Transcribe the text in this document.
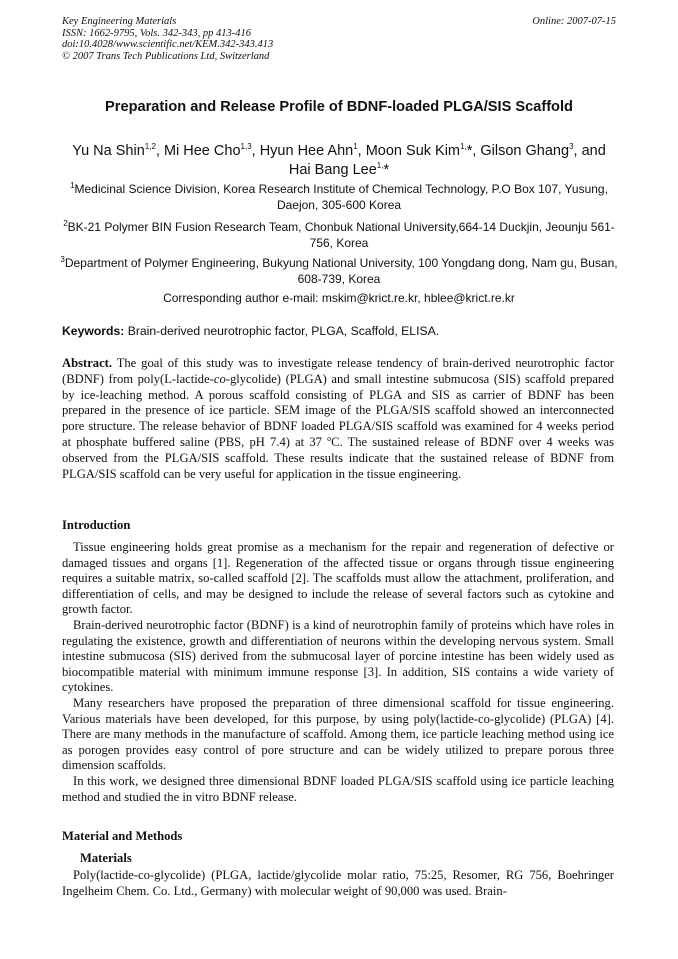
Key Engineering Materials
ISSN: 1662-9795, Vols. 342-343, pp 413-416
doi:10.4028/www.scientific.net/KEM.342-343.413
© 2007 Trans Tech Publications Ltd, Switzerland
Online: 2007-07-15
Preparation and Release Profile of BDNF-loaded PLGA/SIS Scaffold
Yu Na Shin$^{1,2}$, Mi Hee Cho$^{1,3}$, Hyun Hee Ahn$^1$, Moon Suk Kim$^{1,}$*, Gilson Ghang$^3$, and Hai Bang Lee$^{1,}$*
$^1$Medicinal Science Division, Korea Research Institute of Chemical Technology, P.O Box 107, Yusung, Daejon, 305-600 Korea
$^2$BK-21 Polymer BIN Fusion Research Team, Chonbuk National University,664-14 Duckjin, Jeounju 561-756, Korea
$^3$Department of Polymer Engineering, Bukyung National University, 100 Yongdang dong, Nam gu, Busan, 608-739, Korea
Corresponding author e-mail: mskim@krict.re.kr, hblee@krict.re.kr
Keywords: Brain-derived neurotrophic factor, PLGA, Scaffold, ELISA.
Abstract. The goal of this study was to investigate release tendency of brain-derived neurotrophic factor (BDNF) from poly(L-lactide-co-glycolide) (PLGA) and small intestine submucosa (SIS) scaffold prepared by ice-leaching method. A porous scaffold consisting of PLGA and SIS as carrier of BDNF has been prepared in the presence of ice particle. SEM image of the PLGA/SIS scaffold showed an interconnected pore structure. The release behavior of BDNF loaded PLGA/SIS scaffold was examined for 4 weeks period at phosphate buffered saline (PBS, pH 7.4) at 37 $^o$C. The sustained release of BDNF over 4 weeks was observed from the PLGA/SIS scaffold. These results indicate that the sustained release of BDNF from PLGA/SIS scaffold can be very useful for application in the tissue engineering.
Introduction

Tissue engineering holds great promise as a mechanism for the repair and regeneration of defective or damaged tissues and organs [1]. Regeneration of the affected tissue or organs through tissue engineering requires a suitable matrix, so-called scaffold [2]. The scaffolds must allow the attachment, proliferation, and differentiation of cells, and may be designed to include the release of several factors such as cytokine and growth factor.

Brain-derived neurotrophic factor (BDNF) is a kind of neurotrophin family of proteins which have roles in regulating the existence, growth and differentiation of neurons within the developing nervous system. Small intestine submucosa (SIS) derived from the submucosal layer of porcine intestine has been widely used as biocompatible material with minimum immune response [3]. In addition, SIS contains a wide variety of cytokines.

Many researchers have proposed the preparation of three dimensional scaffold for tissue engineering. Various materials have been developed, for this purpose, by using poly(lactide-co-glycolide) (PLGA) [4]. There are many methods in the manufacture of scaffold. Among them, ice particle leaching method using ice as porogen provides easy control of pore structure and can be widely utilized to prepare porous three dimension scaffolds.

In this work, we designed three dimensional BDNF loaded PLGA/SIS scaffold using ice particle leaching method and studied the in vitro BDNF release.

Material and Methods
Materials

Poly(lactide-co-glycolide) (PLGA, lactide/glycolide molar ratio, 75:25, Resomer, RG 756, Boehringer Ingelheim Chem. Co. Ltd., Germany) with molecular weight of 90,000 was used. Brain-
